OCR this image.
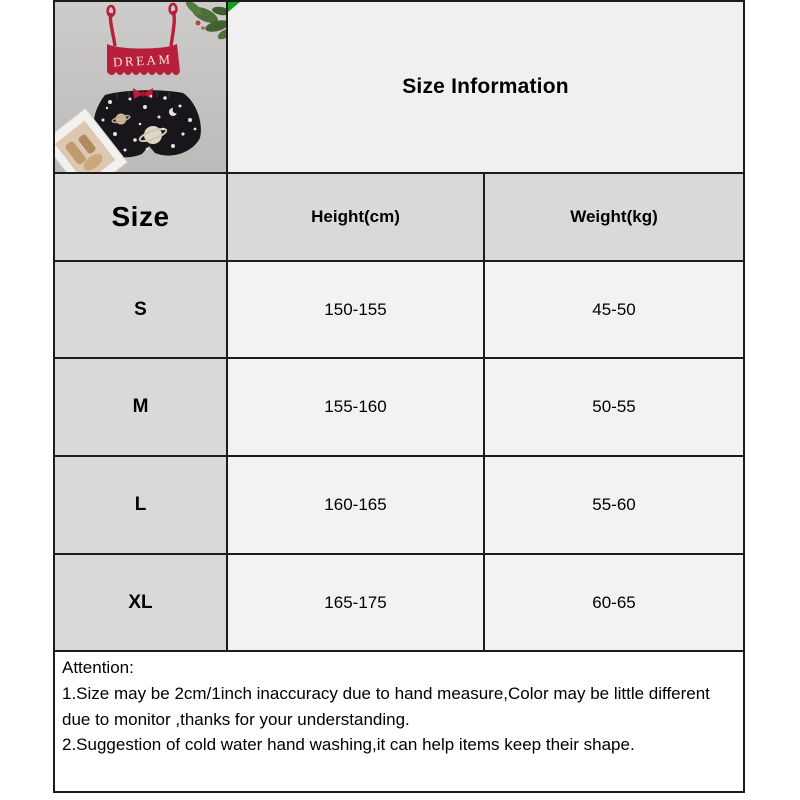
DREAM
Size Information
Size	Height(cm)	Weight(kg)
S	150-155	45-50
M	155-160	50-55
L	160-165	55-60
XL	165-175	60-65

Attention:

1.Size may be 2cm/1inch inaccuracy due to hand measure,Color may be little different due to monitor ,thanks for your understanding.

2.Suggestion of cold water hand washing,it can help items keep their shape.
